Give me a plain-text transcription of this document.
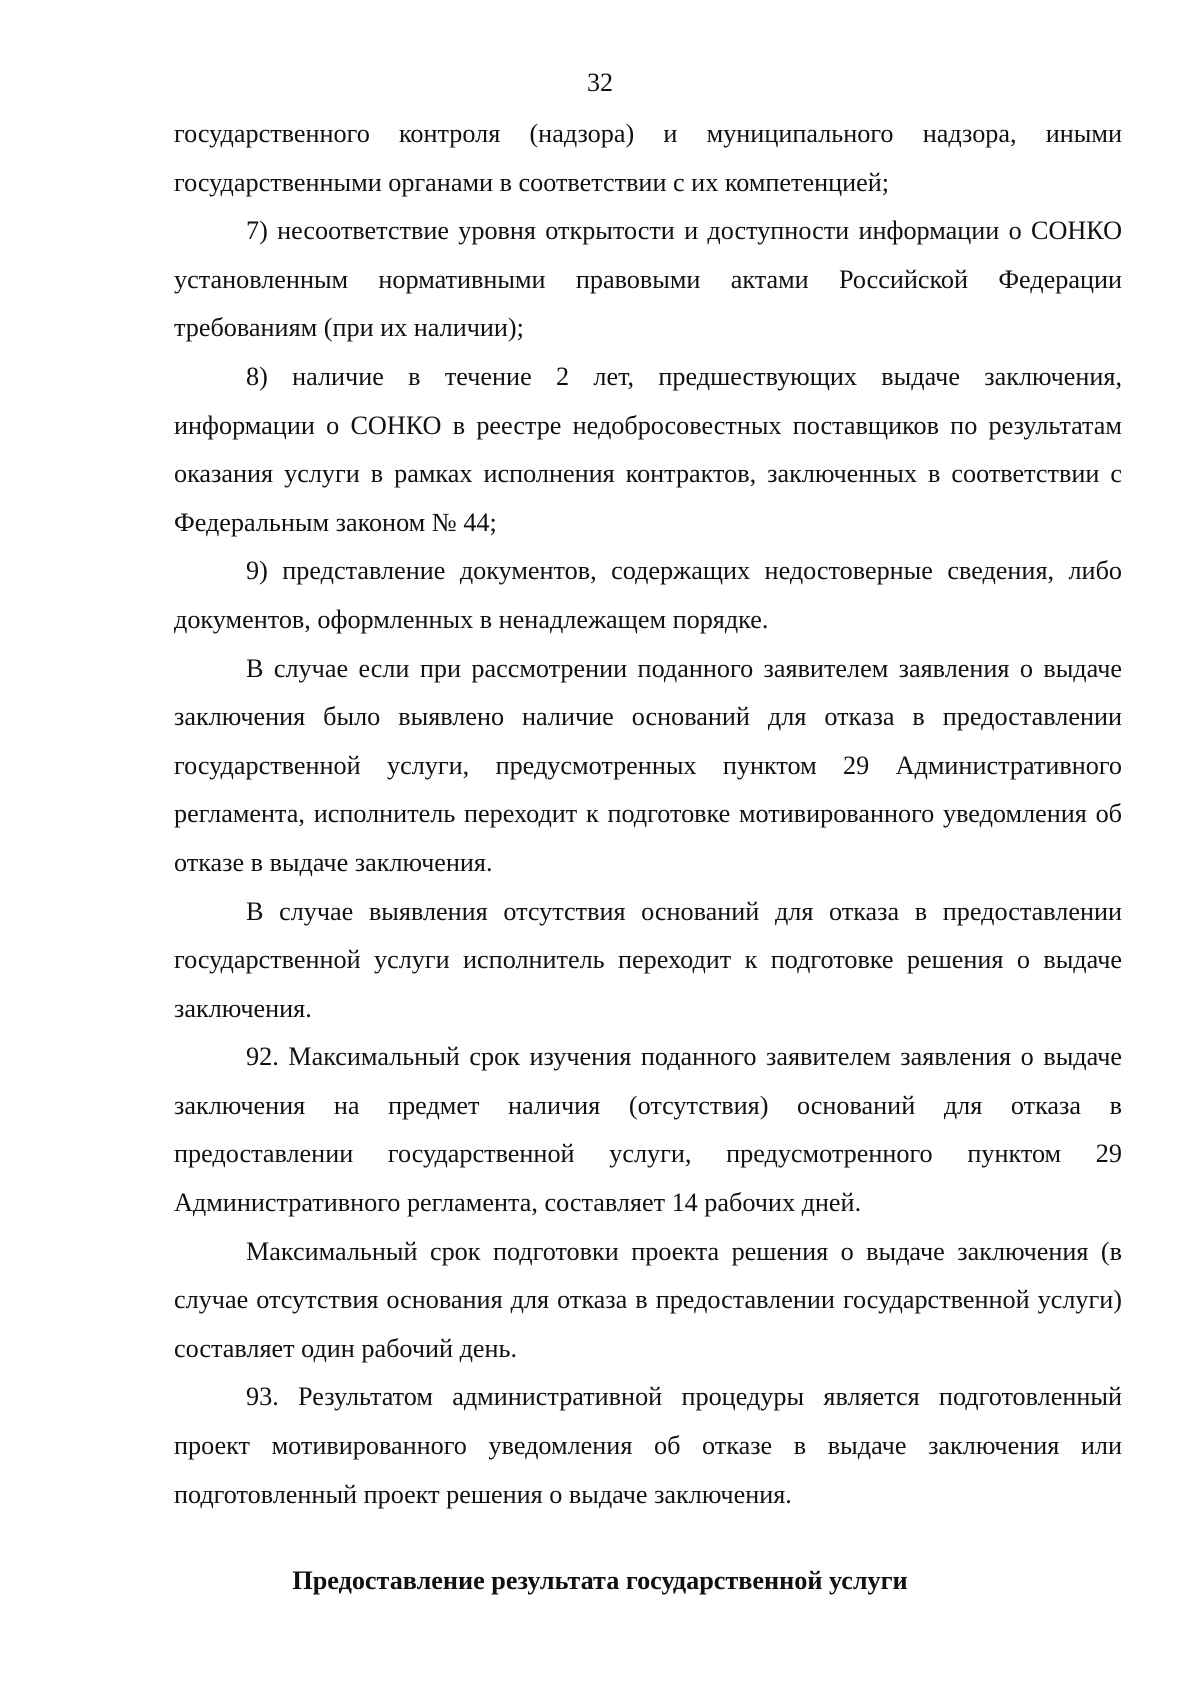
32

государственного контроля (надзора) и муниципального надзора, иными государственными органами в соответствии с их компетенцией;

7) несоответствие уровня открытости и доступности информации о СОНКО установленным нормативными правовыми актами Российской Федерации требованиям (при их наличии);

8) наличие в течение 2 лет, предшествующих выдаче заключения, информации о СОНКО в реестре недобросовестных поставщиков по результатам оказания услуги в рамках исполнения контрактов, заключенных в соответствии с Федеральным законом № 44;

9) представление документов, содержащих недостоверные сведения, либо документов, оформленных в ненадлежащем порядке.

В случае если при рассмотрении поданного заявителем заявления о выдаче заключения было выявлено наличие оснований для отказа в предоставлении государственной услуги, предусмотренных пунктом 29 Административного регламента, исполнитель переходит к подготовке мотивированного уведомления об отказе в выдаче заключения.

В случае выявления отсутствия оснований для отказа в предоставлении государственной услуги исполнитель переходит к подготовке решения о выдаче заключения.

92. Максимальный срок изучения поданного заявителем заявления о выдаче заключения на предмет наличия (отсутствия) оснований для отказа в предоставлении государственной услуги, предусмотренного пунктом 29 Административного регламента, составляет 14 рабочих дней.

Максимальный срок подготовки проекта решения о выдаче заключения (в случае отсутствия основания для отказа в предоставлении государственной услуги) составляет один рабочий день.

93. Результатом административной процедуры является подготовленный проект мотивированного уведомления об отказе в выдаче заключения или подготовленный проект решения о выдаче заключения.

Предоставление результата государственной услуги
